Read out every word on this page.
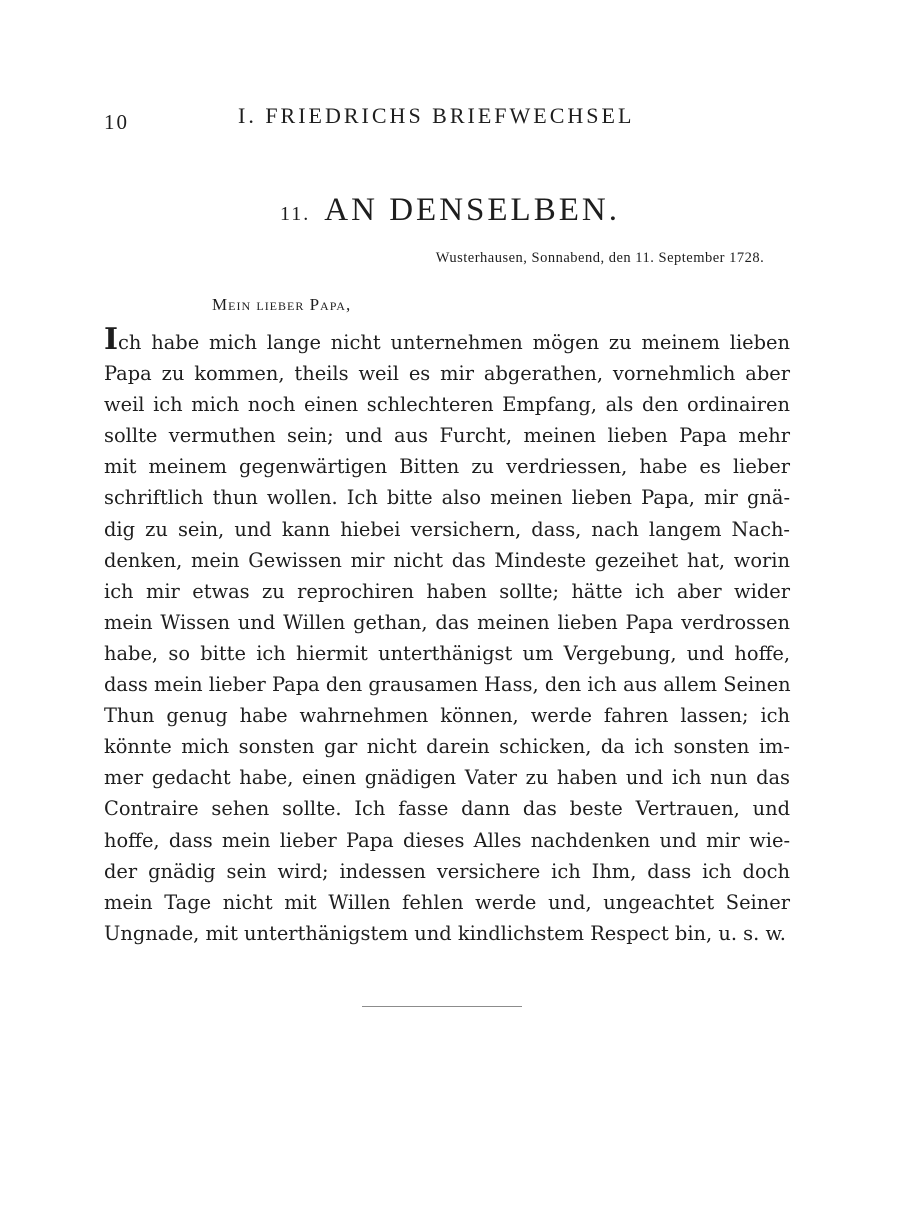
10	I. FRIEDRICHS BRIEFWECHSEL
11. AN DENSELBEN.
Wusterhausen, Sonnabend, den 11. September 1728.
Mein lieber Papa,
Ich habe mich lange nicht unternehmen mögen zu meinem lieben
Papa zu kommen, theils weil es mir abgerathen, vornehmlich aber
weil ich mich noch einen schlechteren Empfang, als den ordinairen
sollte vermuthen sein; und aus Furcht, meinen lieben Papa mehr
mit meinem gegenwärtigen Bitten zu verdriessen, habe es lieber
schriftlich thun wollen. Ich bitte also meinen lieben Papa, mir gnä-
dig zu sein, und kann hiebei versichern, dass, nach langem Nach-
denken, mein Gewissen mir nicht das Mindeste gezeihet hat, worin
ich mir etwas zu reprochiren haben sollte; hätte ich aber wider
mein Wissen und Willen gethan, das meinen lieben Papa verdrossen
habe, so bitte ich hiermit unterthänigst um Vergebung, und hoffe,
dass mein lieber Papa den grausamen Hass, den ich aus allem Seinen
Thun genug habe wahrnehmen können, werde fahren lassen; ich
könnte mich sonsten gar nicht darein schicken, da ich sonsten im-
mer gedacht habe, einen gnädigen Vater zu haben und ich nun das
Contraire sehen sollte. Ich fasse dann das beste Vertrauen, und
hoffe, dass mein lieber Papa dieses Alles nachdenken und mir wie-
der gnädig sein wird; indessen versichere ich Ihm, dass ich doch
mein Tage nicht mit Willen fehlen werde und, ungeachtet Seiner
Ungnade, mit unterthänigstem und kindlichstem Respect bin, u. s. w.
